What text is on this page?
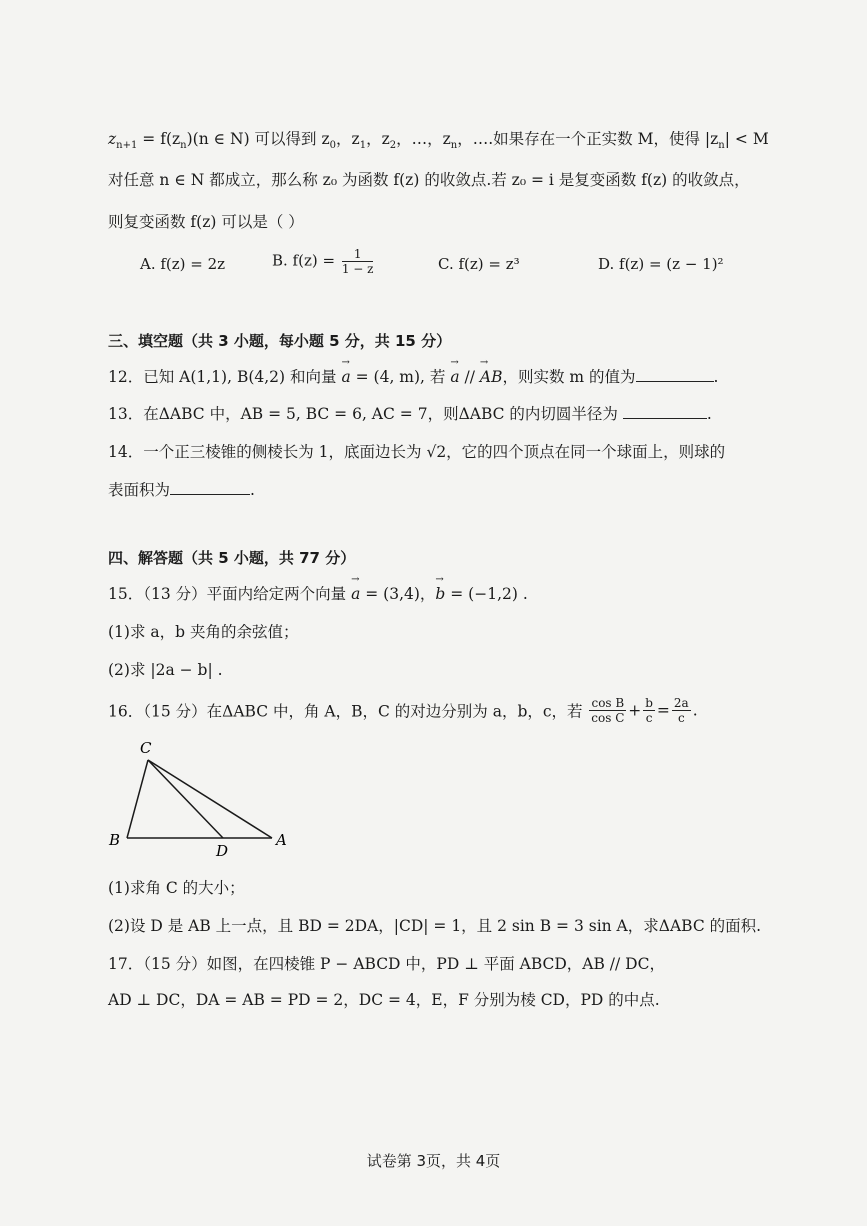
$z_{n+1} = f(z_n)(n$ ∈ N) 可以得到 $z_0$，$z_1$，$z_2$，…，$z_n$，….如果存在一个正实数 M，使得 $|z_n| < M$
对任意 n ∈ N 都成立，那么称 z₀ 为函数 f(z) 的收敛点.若 z₀ = i 是复变函数 f(z) 的收敛点，
则复变函数 f(z) 可以是（ ）
A. f(z) = 2z	B. $f(z) = \frac{1}{1 - z}$	C. f(z) = z³	D. f(z) = (z − 1)²
三、填空题（共 3 小题，每小题 5 分，共 15 分）
12．已知 A(1,1), B(4,2) 和向量 → a = (4, m), 若 → a // → AB，则实数 m 的值为	.
13．在ΔABC 中，AB = 5, BC = 6, AC = 7，则ΔABC 的内切圆半径为	.
14．一个正三棱锥的侧棱长为 1，底面边长为 √2，它的四个顶点在同一个球面上，则球的
表面积为	.
四、解答题（共 5 小题，共 77 分）
15．（13 分）平面内给定两个向量 → a = (3,4)，→ b = (−1,2) .
(1)求 a，b 夹角的余弦值；
(2)求 |2a − b| .
16．（15 分）在ΔABC 中，角 A，B，C 的对边分别为 a，b，c，若 $\frac{\text{cos B}}{\text{cos C}} + \frac{b}{c} = \frac{2a}{c}$ .
C
B	A
D
(1)求角 C 的大小；
(2)设 D 是 AB 上一点，且 BD = 2DA，|CD| = 1，且 2 sin B = 3 sin A，求ΔABC 的面积.
17．（15 分）如图，在四棱锥 P − ABCD 中，PD ⊥ 平面 ABCD，AB // DC，
AD ⊥ DC，DA = AB = PD = 2，DC = 4，E，F 分别为棱 CD，PD 的中点.
试卷第 3页，共 4页
